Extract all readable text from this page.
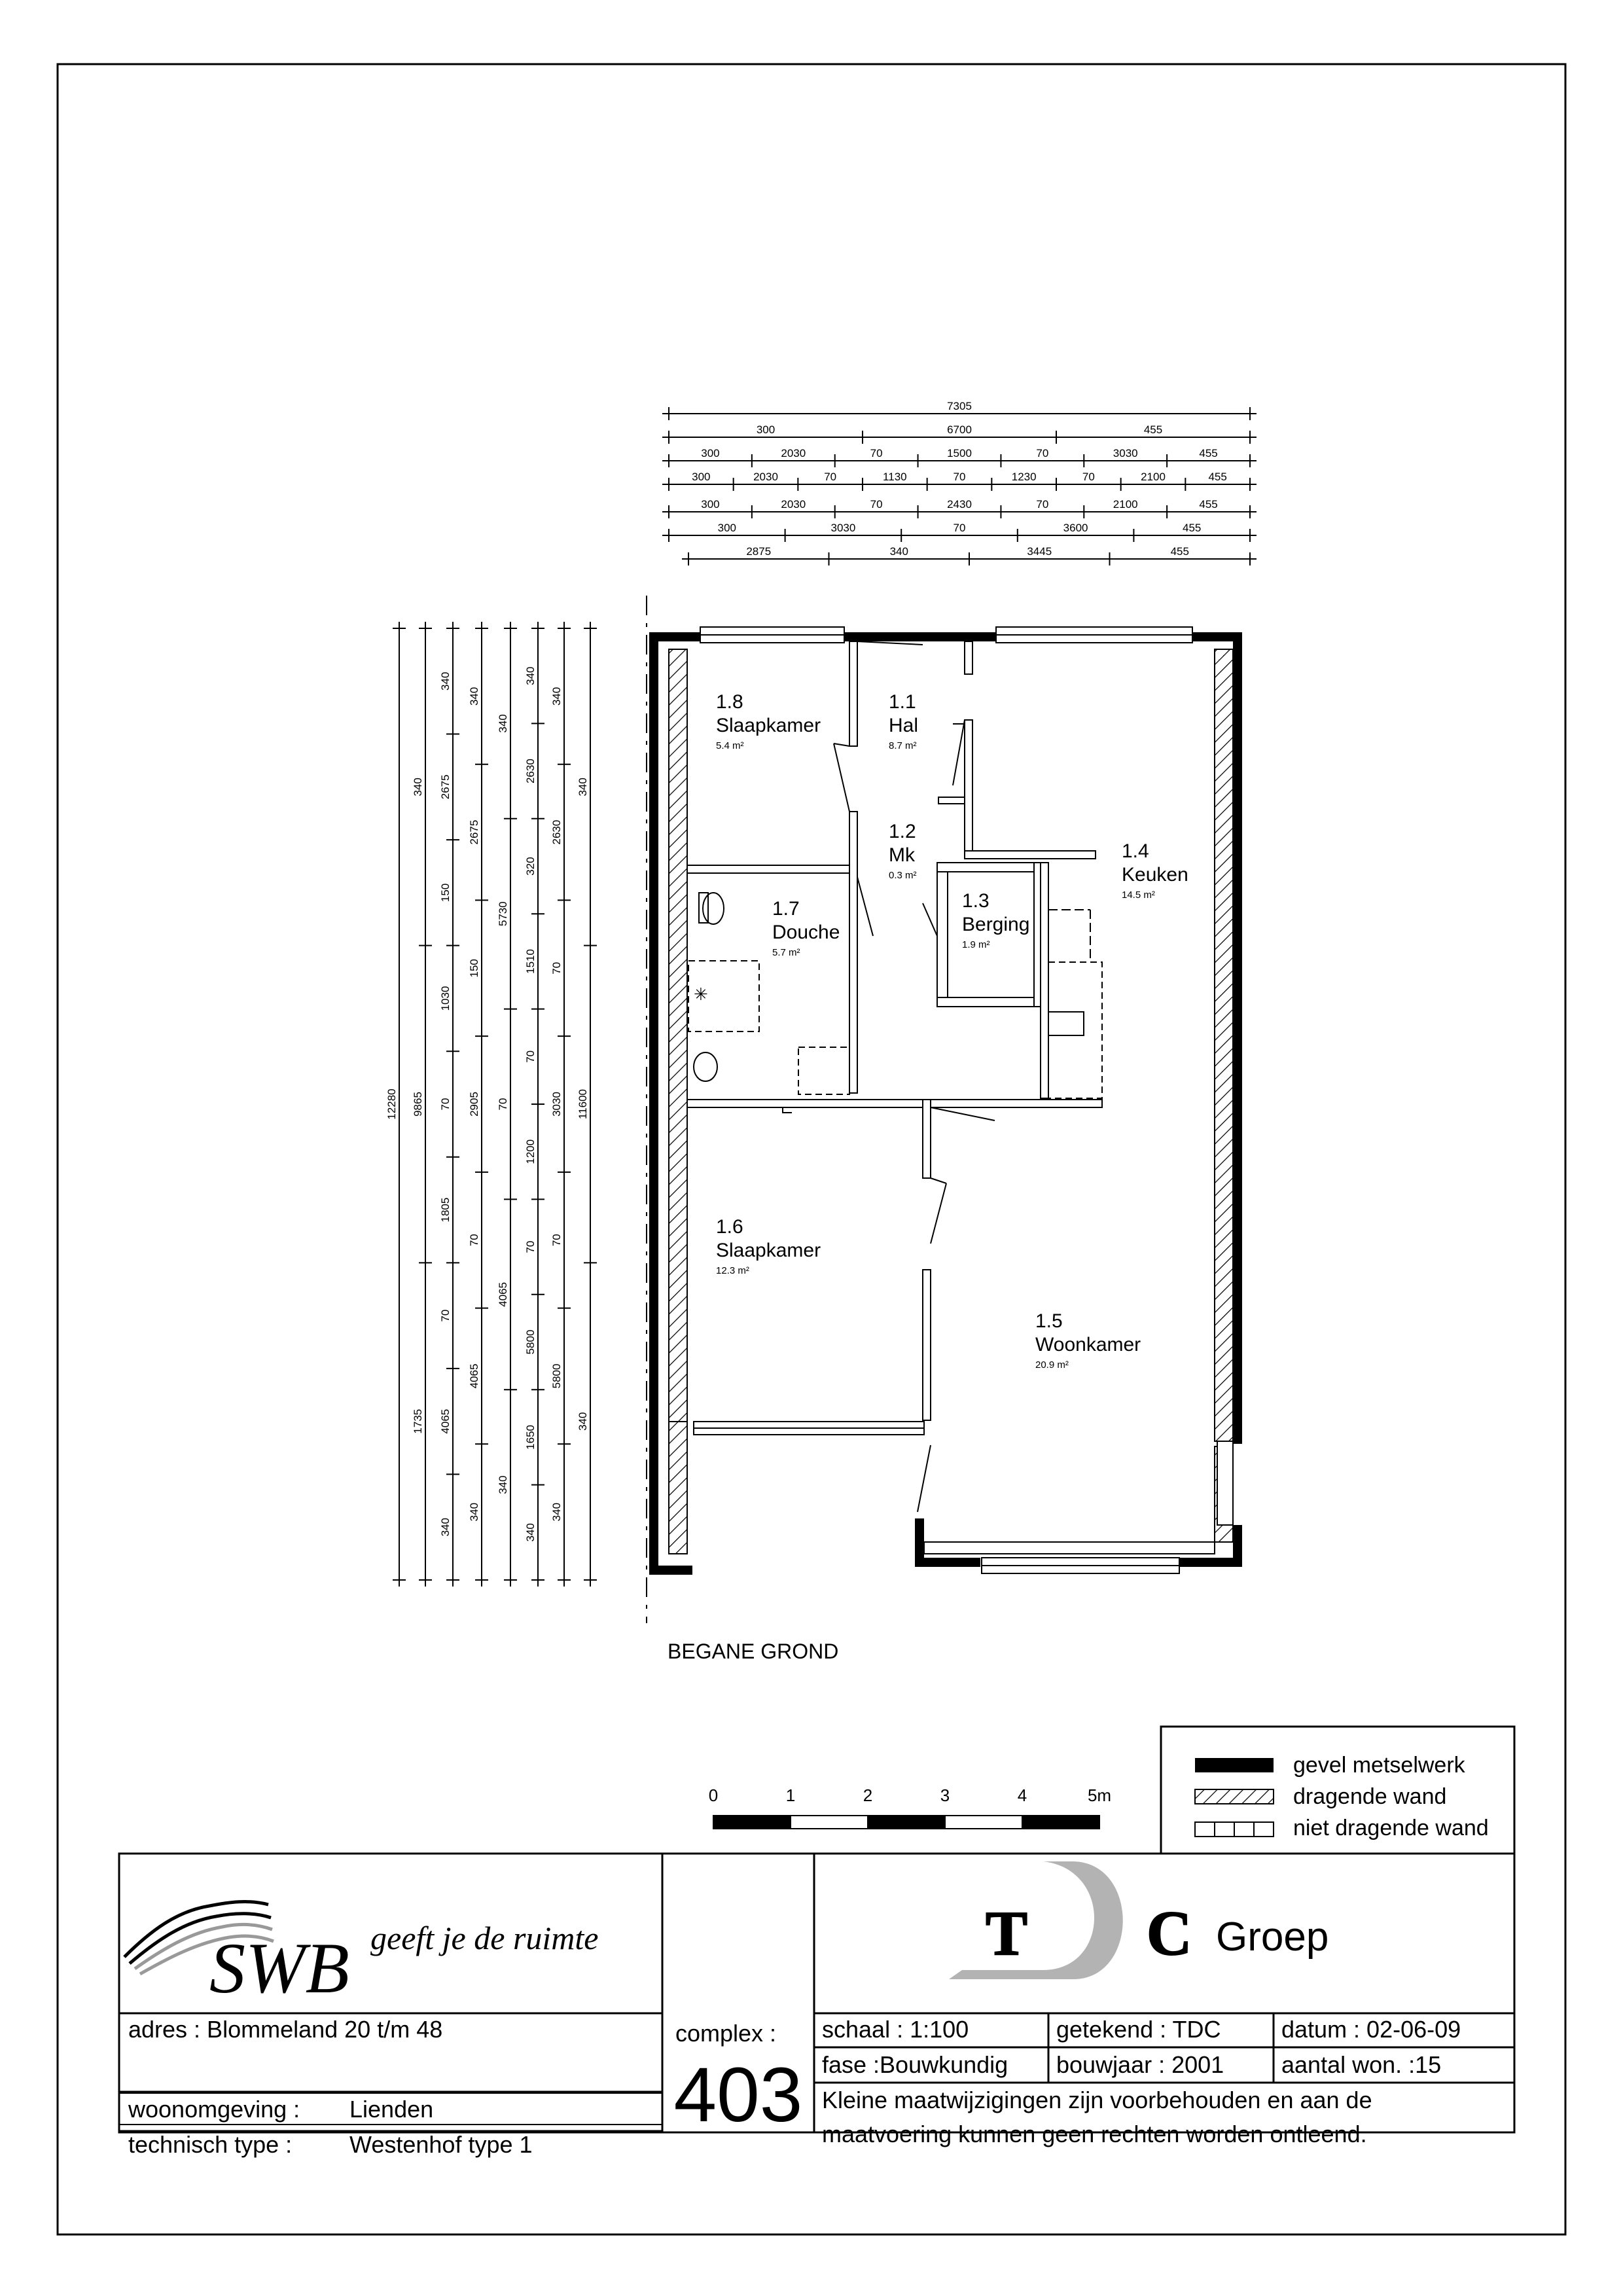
✳
1.8
Slaapkamer
5.4 m²
1.1
Hal
8.7 m²
1.2
Mk
0.3 m²
1.4
Keuken
14.5 m²
1.3
Berging
1.9 m²
1.7
Douche
5.7 m²
1.6
Slaapkamer
12.3 m²
1.5
Woonkamer
20.9 m²
7305
300	6700	455
300	2030	70	1500	70	3030	455
300	2030	70	1130	70	1230	70	2100	455
300	2030	70	2430	70	2100	455
300	3030	70	3600	455
2875	340	3445	455
12280
340
9865
1735
340
2675
150
1030
70
1805
70
4065
340
340
2675
150
2905
70
4065
340
340
5730
70
4065
340
340
2630
320
1510
70
1200
70
5800
1650
340
340
2630
70
3030
70
5800
340
340
11600
340
BEGANE GROND
0	1	2	3	4	5m
gevel metselwerk
dragende wand
niet dragende wand
SWB geeft je de ruimte	T C Groep
adres : Blommeland 20 t/m 48	complex :
403
schaal : 1:100	getekend : TDC	datum : 02-06-09
fase :Bouwkundig bouwjaar : 2001 aantal won. :15
woonomgeving : Lienden
technisch type : Westenhof type 1
Kleine maatwijzigingen zijn voorbehouden en aan de
maatvoering kunnen geen rechten worden ontleend.
